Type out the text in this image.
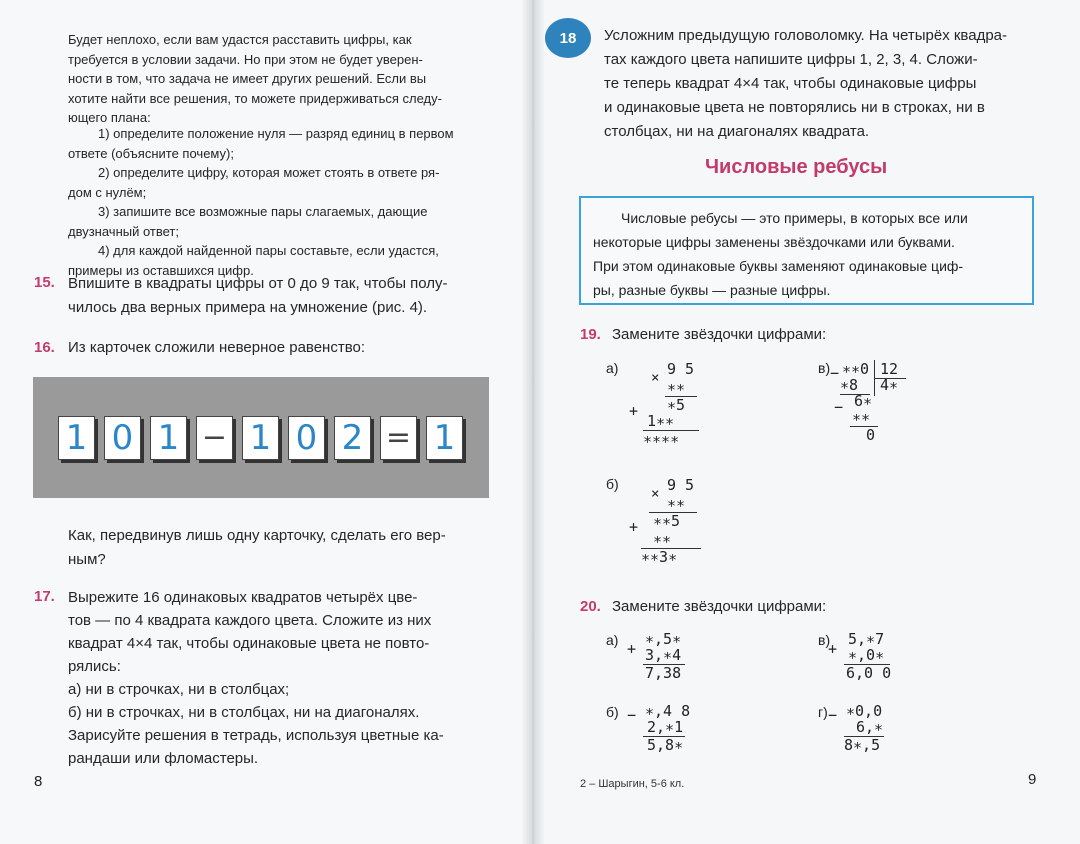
Будет неплохо, если вам удастся расставить цифры, как
требуется в условии задачи. Но при этом не будет уверен-
ности в том, что задача не имеет других решений. Если вы
хотите найти все решения, то можете придерживаться следу-
ющего плана:
1) определите положение нуля — разряд единиц в первом
ответе (объясните почему);
2) определите цифру, которая может стоять в ответе ря-
дом с нулём;
3) запишите все возможные пары слагаемых, дающие
двузначный ответ;
4) для каждой найденной пары составьте, если удастся,
примеры из оставшихся цифр.
15. Впишите в квадраты цифры от 0 до 9 так, чтобы полу-
чилось два верных примера на умножение (рис. 4).
16. Из карточек сложили неверное равенство:
1 0 1 − 1 0 2 = 1
Как, передвинув лишь одну карточку, сделать его вер-
ным?
17. Вырежите 16 одинаковых квадратов четырёх цве-
тов — по 4 квадрата каждого цвета. Сложите из них
квадрат 4×4 так, чтобы одинаковые цвета не повто-
рялись:
а) ни в строчках, ни в столбцах;
б) ни в строчках, ни в столбцах, ни на диагоналях.
Зарисуйте решения в тетрадь, используя цветные ка-
рандаши или фломастеры.
8
18	Усложним предыдущую головоломку. На четырёх квадра-
тах каждого цвета напишите цифры 1, 2, 3, 4. Сложи-
те теперь квадрат 4×4 так, чтобы одинаковые цифры
и одинаковые цвета не повторялись ни в строках, ни в
столбцах, ни на диагоналях квадрата.
Числовые ребусы
Числовые ребусы — это примеры, в которых все или
некоторые цифры заменены звёздочками или буквами.
При этом одинаковые буквы заменяют одинаковые циф-
ры, разные буквы — разные цифры.
19. Замените звёздочки цифрами:
а)	9 5
× ∗∗
∗5
+
1∗∗
∗∗∗∗
б)	9 5
× ∗∗
∗∗5
+
∗∗
∗∗3∗
в) − ∗∗0 12
∗8 4∗
− 6∗
∗∗
0
20. Замените звёздочки цифрами:
а) +
∗,5∗
3,∗4
7,38
б) − ∗,4 8
2,∗1
5,8∗
в)
+
5,∗7
∗,0∗
6,0 0
г) − ∗0,0
6,∗
8∗,5
2 – Шарыгин, 5-6 кл.	9
